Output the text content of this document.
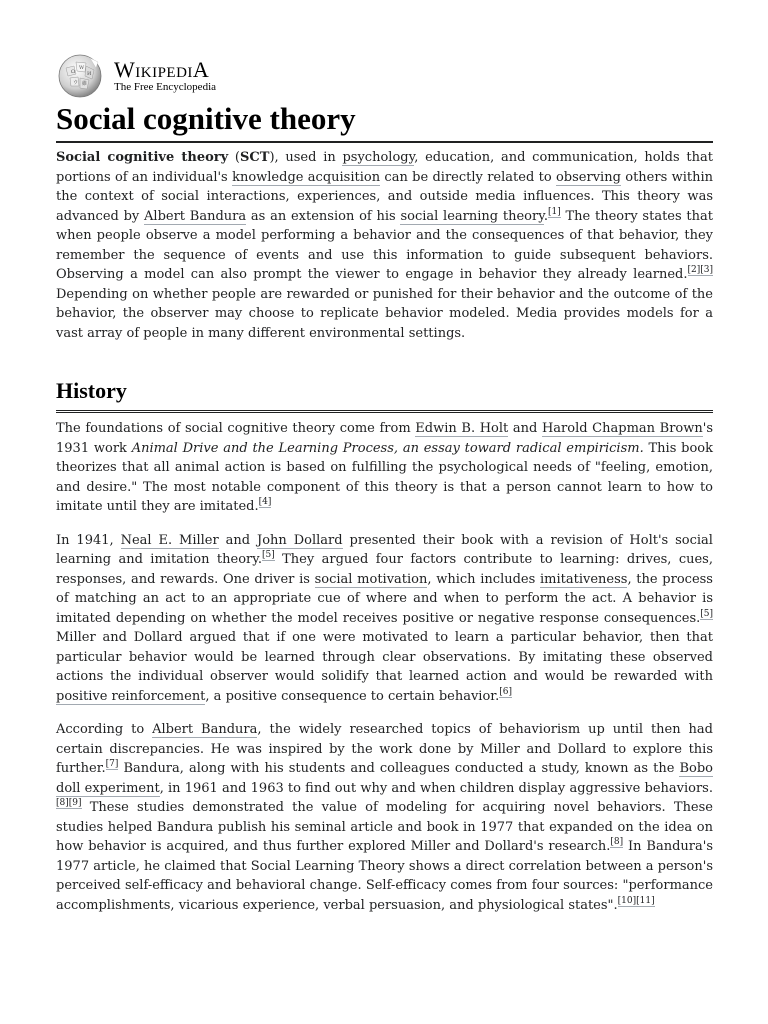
Ω
W
И
ウ 維
WikipediA
The Free Encyclopedia
Social cognitive theory

Social cognitive theory (SCT), used in psychology, education, and communication, holds that portions of an individual's knowledge acquisition can be directly related to observing others within the context of social interactions, experiences, and outside media influences. This theory was advanced by Albert Bandura as an extension of his social learning theory.[1] The theory states that when people observe a model performing a behavior and the consequences of that behavior, they remember the sequence of events and use this information to guide subsequent behaviors. Observing a model can also prompt the viewer to engage in behavior they already learned.[2][3] Depending on whether people are rewarded or punished for their behavior and the outcome of the behavior, the observer may choose to replicate behavior modeled. Media provides models for a vast array of people in many different environmental settings.

History

The foundations of social cognitive theory come from Edwin B. Holt and Harold Chapman Brown's 1931 work Animal Drive and the Learning Process, an essay toward radical empiricism. This book theorizes that all animal action is based on fulfilling the psychological needs of "feeling, emotion, and desire." The most notable component of this theory is that a person cannot learn to how to imitate until they are imitated.[4]

In 1941, Neal E. Miller and John Dollard presented their book with a revision of Holt's social learning and imitation theory.[5] They argued four factors contribute to learning: drives, cues, responses, and rewards. One driver is social motivation, which includes imitativeness, the process of matching an act to an appropriate cue of where and when to perform the act. A behavior is imitated depending on whether the model receives positive or negative response consequences.[5] Miller and Dollard argued that if one were motivated to learn a particular behavior, then that particular behavior would be learned through clear observations. By imitating these observed actions the individual observer would solidify that learned action and would be rewarded with positive reinforcement, a positive consequence to certain behavior.[6]

According to Albert Bandura, the widely researched topics of behaviorism up until then had certain discrepancies. He was inspired by the work done by Miller and Dollard to explore this further.[7] Bandura, along with his students and colleagues conducted a study, known as the Bobo doll experiment, in 1961 and 1963 to find out why and when children display aggressive behaviors.[8][9] These studies demonstrated the value of modeling for acquiring novel behaviors. These studies helped Bandura publish his seminal article and book in 1977 that expanded on the idea on how behavior is acquired, and thus further explored Miller and Dollard's research.[8] In Bandura's 1977 article, he claimed that Social Learning Theory shows a direct correlation between a person's perceived self-efficacy and behavioral change. Self-efficacy comes from four sources: "performance accomplishments, vicarious experience, verbal persuasion, and physiological states".[10][11]
